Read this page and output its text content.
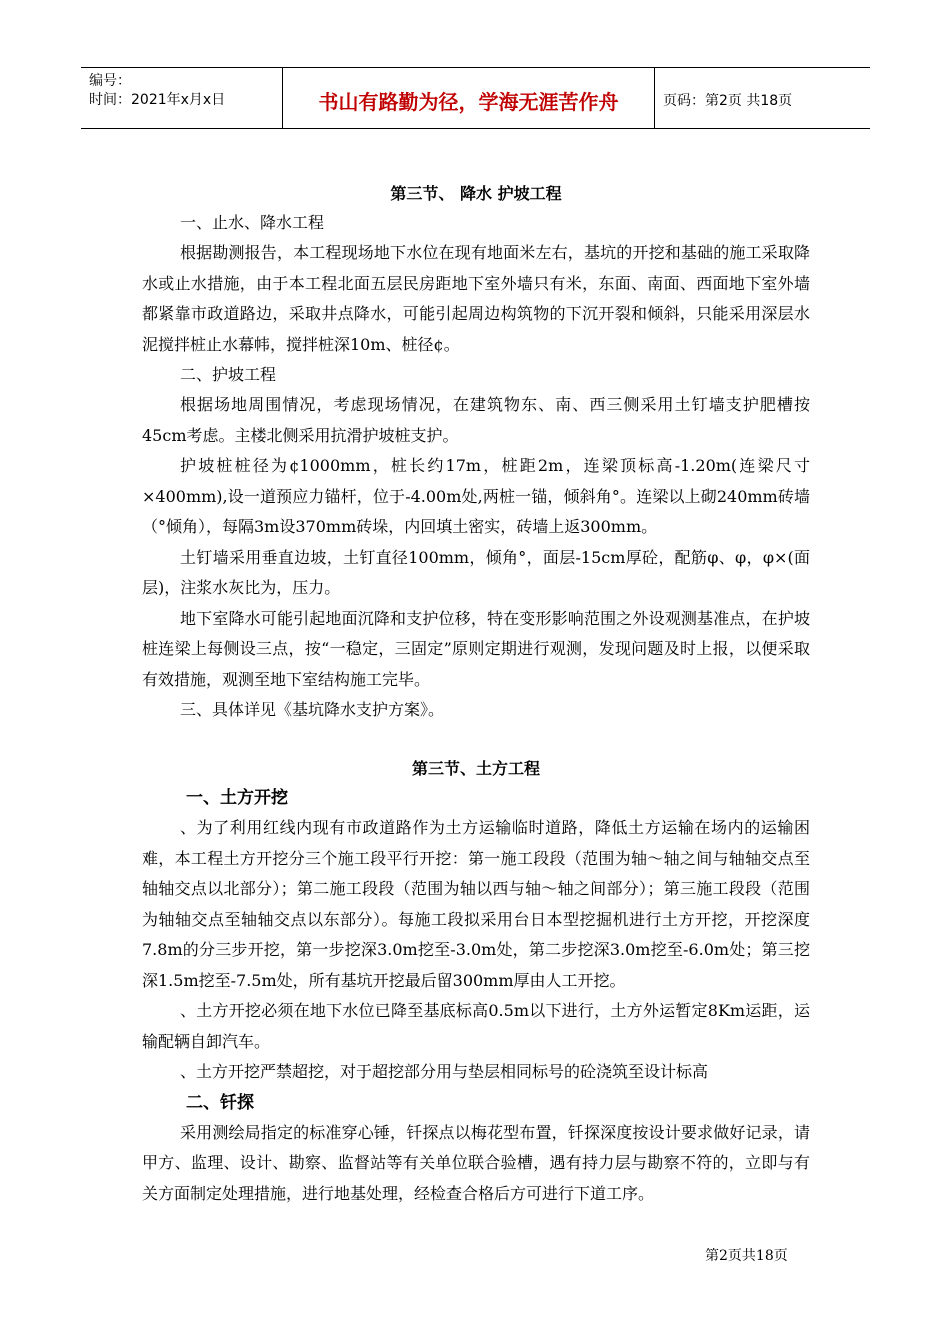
编号：
时间：2021年x月x日	书山有路勤为径，学海无涯苦作舟	页码：第2页 共18页
第三节、 降水 护坡工程
一、止水、降水工程

根据勘测报告，本工程现场地下水位在现有地面米左右，基坑的开挖和基础的施工采取降水或止水措施，由于本工程北面五层民房距地下室外墙只有米，东面、南面、西面地下室外墙都紧靠市政道路边，采取井点降水，可能引起周边构筑物的下沉开裂和倾斜，只能采用深层水泥搅拌桩止水幕帏，搅拌桩深10m、桩径¢。

二、护坡工程

根据场地周围情况，考虑现场情况，在建筑物东、南、西三侧采用土钉墙支护肥槽按45cm考虑。主楼北侧采用抗滑护坡桩支护。

护坡桩桩径为¢1000mm，桩长约17m，桩距2m，连梁顶标高-1.20m(连梁尺寸×400mm),设一道预应力锚杆，位于-4.00m处,两桩一锚，倾斜角°。连梁以上砌240mm砖墙（°倾角），每隔3m设370mm砖垛，内回填土密实，砖墙上返300mm。

土钉墙采用垂直边坡，土钉直径100mm，倾角°，面层-15cm厚砼，配筋φ、φ，φ×(面层)，注浆水灰比为，压力。

地下室降水可能引起地面沉降和支护位移，特在变形影响范围之外设观测基准点，在护坡桩连梁上每侧设三点，按“一稳定，三固定”原则定期进行观测，发现问题及时上报，以便采取有效措施，观测至地下室结构施工完毕。

三、具体详见《基坑降水支护方案》。
第三节、土方工程
一、土方开挖

、为了利用红线内现有市政道路作为土方运输临时道路，降低土方运输在场内的运输困难，本工程土方开挖分三个施工段平行开挖：第一施工段段（范围为轴～轴之间与轴轴交点至轴轴交点以北部分）；第二施工段段（范围为轴以西与轴～轴之间部分）；第三施工段段（范围为轴轴交点至轴轴交点以东部分）。每施工段拟采用台日本型挖掘机进行土方开挖，开挖深度7.8m的分三步开挖，第一步挖深3.0m挖至-3.0m处，第二步挖深3.0m挖至-6.0m处；第三挖深1.5m挖至-7.5m处，所有基坑开挖最后留300mm厚由人工开挖。

、土方开挖必须在地下水位已降至基底标高0.5m以下进行，土方外运暂定8Km运距，运输配辆自卸汽车。

、土方开挖严禁超挖，对于超挖部分用与垫层相同标号的砼浇筑至设计标高

二、钎探

采用测绘局指定的标准穿心锤，钎探点以梅花型布置，钎探深度按设计要求做好记录，请甲方、监理、设计、勘察、监督站等有关单位联合验槽，遇有持力层与勘察不符的，立即与有关方面制定处理措施，进行地基处理，经检查合格后方可进行下道工序。

第2页共18页
